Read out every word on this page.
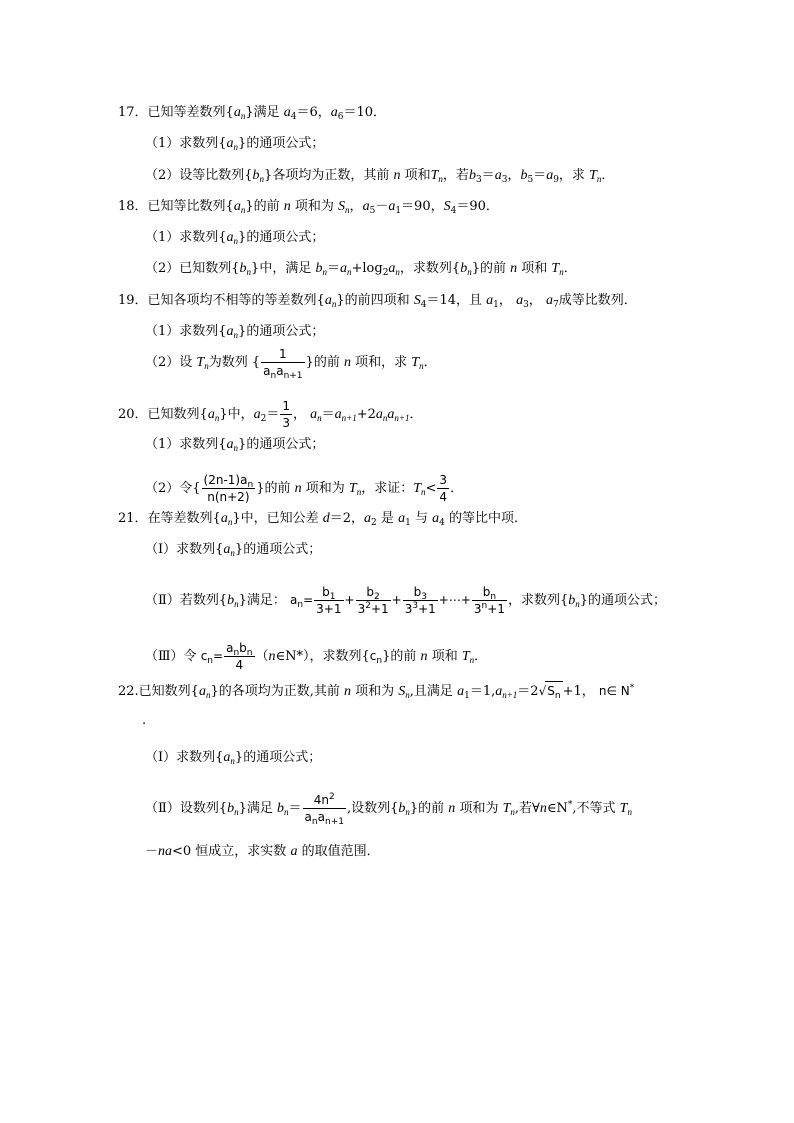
17．已知等差数列$\{a_n\}$满足 $a_4=6$，$a_6=10$．
（1）求数列$\{a_n\}$的通项公式；
（2）设等比数列$\{b_n\}$各项均为正数，其前 n 项和$T_n$，若$b_3=a_3$，$b_5=a_9$，求 $T_n$．
18．已知等比数列$\{a_n\}$的前 n 项和为 $S_n$，$a_5-a_1=90$，$S_4=90$．
（1）求数列$\{a_n\}$的通项公式；
（2）已知数列$\{b_n\}$中，满足 $b_n=a_n+\log_2a_n$，求数列$\{b_n\}$的前 n 项和 $T_n$．
19．已知各项均不相等的等差数列$\{a_n\}$的前四项和 $S_4=14$，且 $a_1$， $a_3$， $a_7$成等比数列．
（1）求数列$\{a_n\}$的通项公式；
（2）设 $T_n$为数列 { $\frac{1}{a_na_{n+1}}$ }的前 n 项和，求 $T_n$．
20．已知数列$\{a_n\}$中，$a_2= \frac{1}{3}$ ， $a_n=a_{n+1}+2a_na_{n+1}$．
（1）求数列$\{a_n\}$的通项公式；
（2）令{ $\frac{(2n-1)a_n}{n(n+2)}$ }的前 n 项和为 $T_n$，求证：$T_n< \frac{3}{4}$ ．
21．在等差数列$\{a_n\}$中，已知公差 d＝2，$a_2$ 是 $a_1$ 与 $a_4$ 的等比中项．
（Ⅰ）求数列$\{a_n\}$的通项公式；
（Ⅱ）若数列$\{b_n\}$满足： $a_n= \frac{b_1}{3+1} + \frac{b_2}{3^2+1} + \frac{b_3}{3^3+1}$ +⋯+ $\frac{b_n}{3^n+1}$ ，求数列$\{b_n\}$的通项公式；
（Ⅲ）令 $c_n= \frac{a_nb_n}{4}$ （n∈N*），求数列$\{c_n\}$的前 n 项和 $T_n$．
22.已知数列$\{a_n\}$的各项均为正数,其前 n 项和为 $S_n$,且满足 $a_1=1,a_{n+1}=2√S_n +1$， n∈ N*
.
（Ⅰ）求数列$\{a_n\}$的通项公式；
（Ⅱ）设数列$\{b_n\}$满足 $b_n= \frac{4n^2}{a_na_{n+1}}$ ,设数列$\{b_n\}$的前 n 项和为 $T_n$,若∀n∈N*,不等式 $T_n$
－na<0 恒成立，求实数 a 的取值范围．
